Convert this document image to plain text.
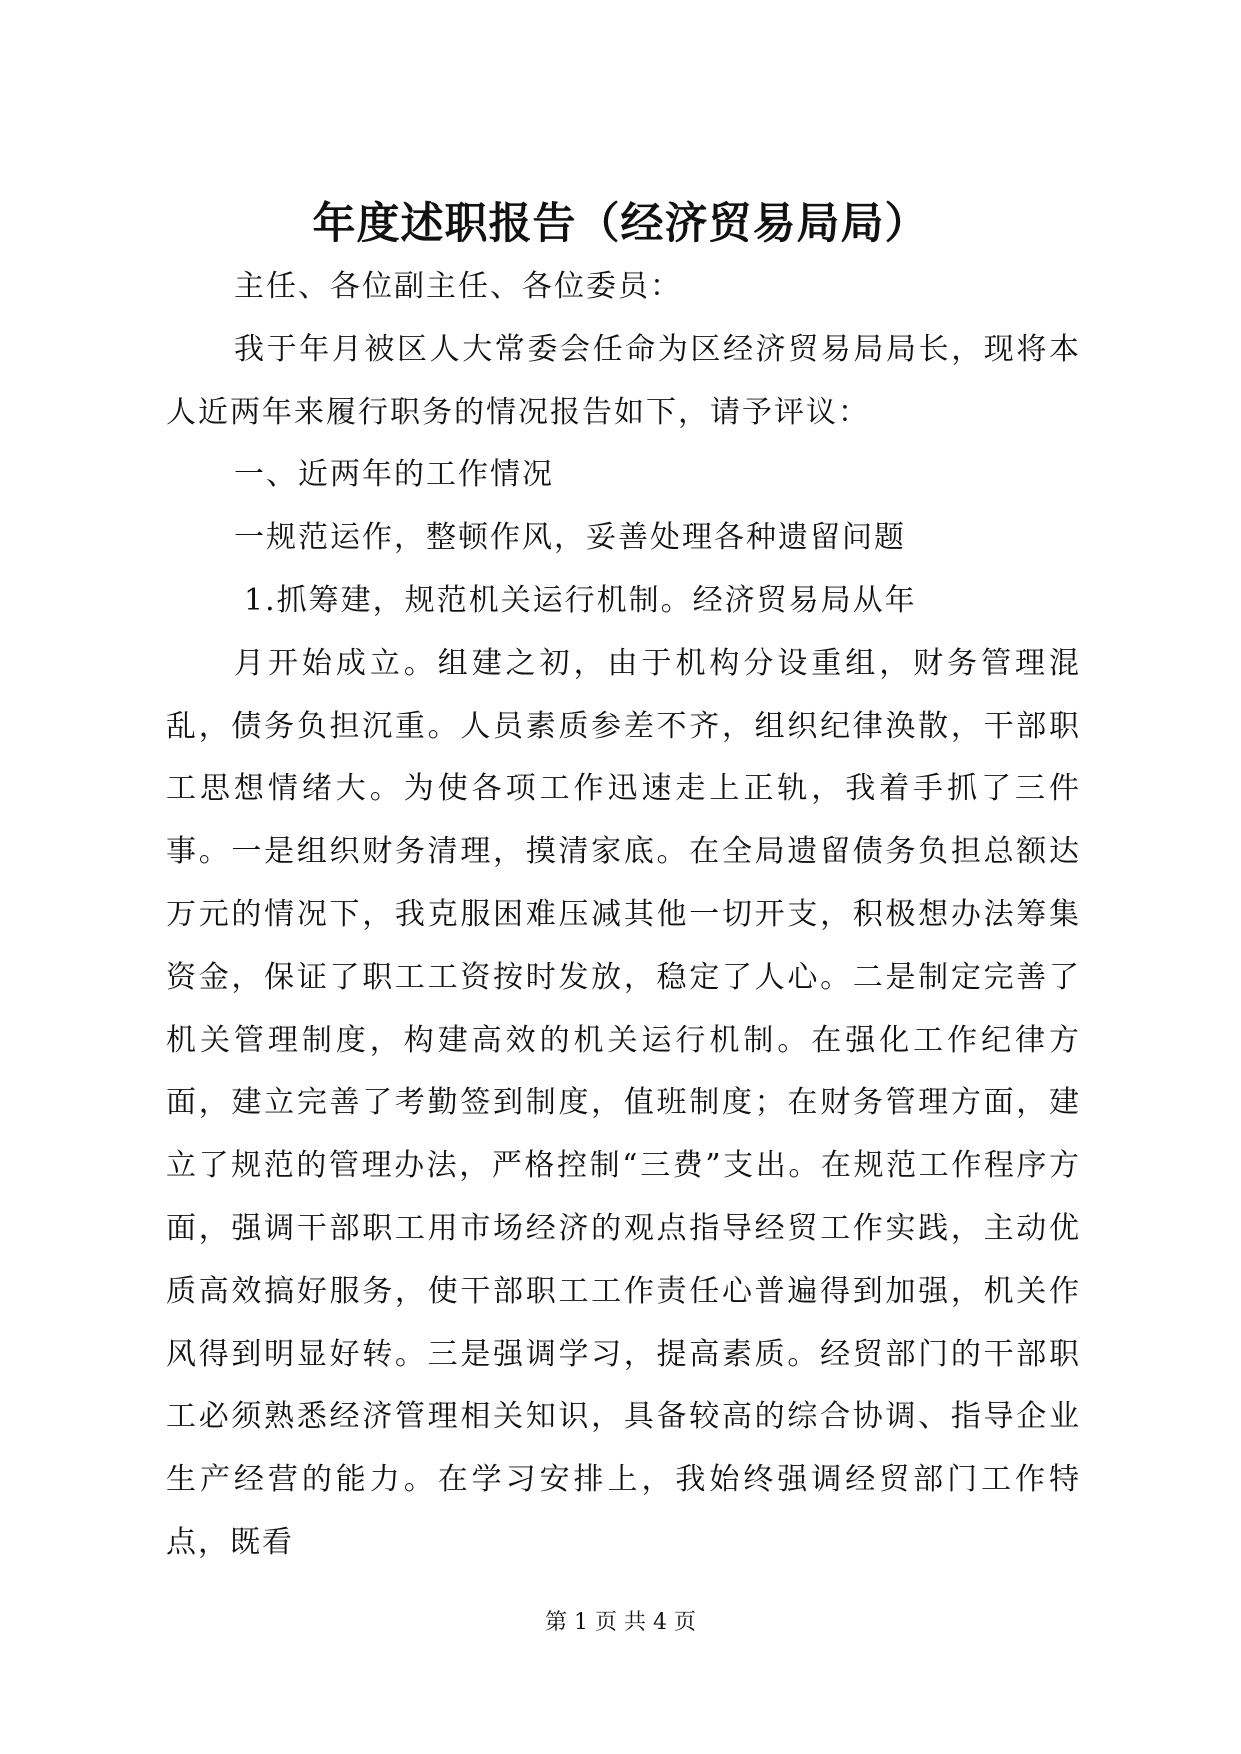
年度述职报告（经济贸易局局）

主任、各位副主任、各位委员：

我于年月被区人大常委会任命为区经济贸易局局长，现将本人近两年来履行职务的情况报告如下，请予评议：

一、近两年的工作情况

一规范运作，整顿作风，妥善处理各种遗留问题

1.抓筹建，规范机关运行机制。经济贸易局从年

月开始成立。组建之初，由于机构分设重组，财务管理混乱，债务负担沉重。人员素质参差不齐，组织纪律涣散，干部职工思想情绪大。为使各项工作迅速走上正轨，我着手抓了三件事。一是组织财务清理，摸清家底。在全局遗留债务负担总额达万元的情况下，我克服困难压减其他一切开支，积极想办法筹集资金，保证了职工工资按时发放，稳定了人心。二是制定完善了机关管理制度，构建高效的机关运行机制。在强化工作纪律方面，建立完善了考勤签到制度，值班制度；在财务管理方面，建立了规范的管理办法，严格控制“三费”支出。在规范工作程序方面，强调干部职工用市场经济的观点指导经贸工作实践，主动优质高效搞好服务，使干部职工工作责任心普遍得到加强，机关作风得到明显好转。三是强调学习，提高素质。经贸部门的干部职工必须熟悉经济管理相关知识，具备较高的综合协调、指导企业生产经营的能力。在学习安排上，我始终强调经贸部门工作特点，既看

第 1 页 共 4 页
